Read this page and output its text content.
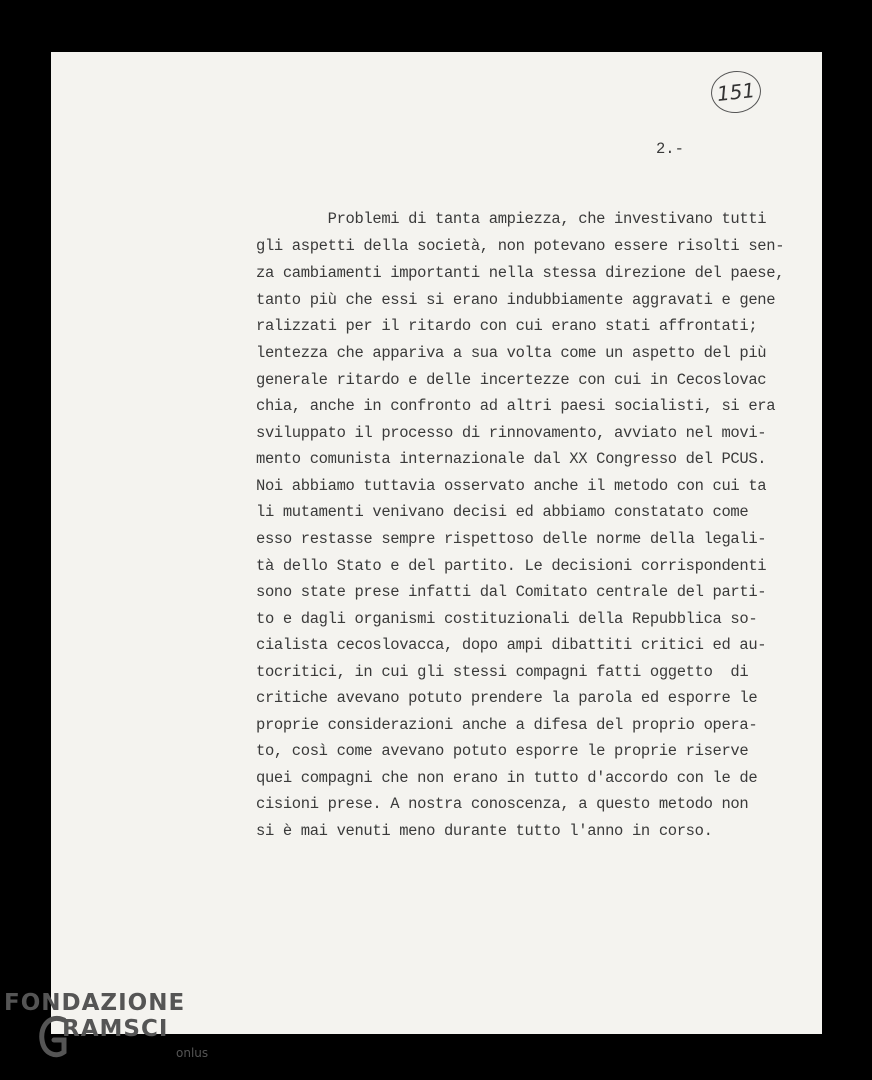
151
2.-
Problemi di tanta ampiezza, che investivano tutti
gli aspetti della società, non potevano essere risolti sen-
za cambiamenti importanti nella stessa direzione del paese,
tanto più che essi si erano indubbiamente aggravati e gene
ralizzati per il ritardo con cui erano stati affrontati;
lentezza che appariva a sua volta come un aspetto del più
generale ritardo e delle incertezze con cui in Cecoslovac
chia, anche in confronto ad altri paesi socialisti, si era
sviluppato il processo di rinnovamento, avviato nel movi-
mento comunista internazionale dal XX Congresso del PCUS.
Noi abbiamo tuttavia osservato anche il metodo con cui ta
li mutamenti venivano decisi ed abbiamo constatato come
esso restasse sempre rispettoso delle norme della legali-
tà dello Stato e del partito. Le decisioni corrispondenti
sono state prese infatti dal Comitato centrale del parti-
to e dagli organismi costituzionali della Repubblica so-
cialista cecoslovacca, dopo ampi dibattiti critici ed au-
tocritici, in cui gli stessi compagni fatti oggetto  di
critiche avevano potuto prendere la parola ed esporre le
proprie considerazioni anche a difesa del proprio opera-
to, così come avevano potuto esporre le proprie riserve
quei compagni che non erano in tutto d'accordo con le de
cisioni prese. A nostra conoscenza, a questo metodo non
si è mai venuti meno durante tutto l'anno in corso.
FONDAZIONE
RAMSCI
onlus
